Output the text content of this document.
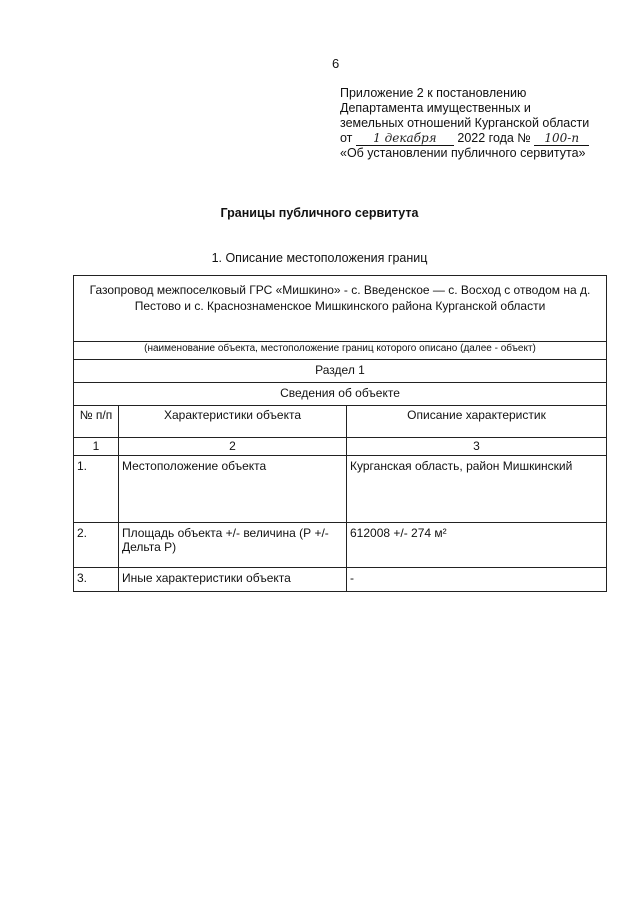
6
Приложение 2 к постановлению
Департамента имущественных и
земельных отношений Курганской области
от 1 декабря 2022 года № 100-п
«Об установлении публичного сервитута»
Границы публичного сервитута
1. Описание местоположения границ
Газопровод межпоселковый ГРС «Мишкино» - с. Введенское — с. Восход с отводом на д. Пестово и с. Краснознаменское Мишкинского района Курганской области		
(наименование объекта, местоположение границ которого описано (далее - объект)		
Раздел 1		
Сведения об объекте		
№ п/п	Характеристики объекта	Описание характеристик
1	2	3
1.	Местоположение объекта	Курганская область, район Мишкинский
2.	Площадь объекта +/- величина (Р +/- Дельта Р)	612008 +/- 274 м²
3.	Иные характеристики объекта	-
